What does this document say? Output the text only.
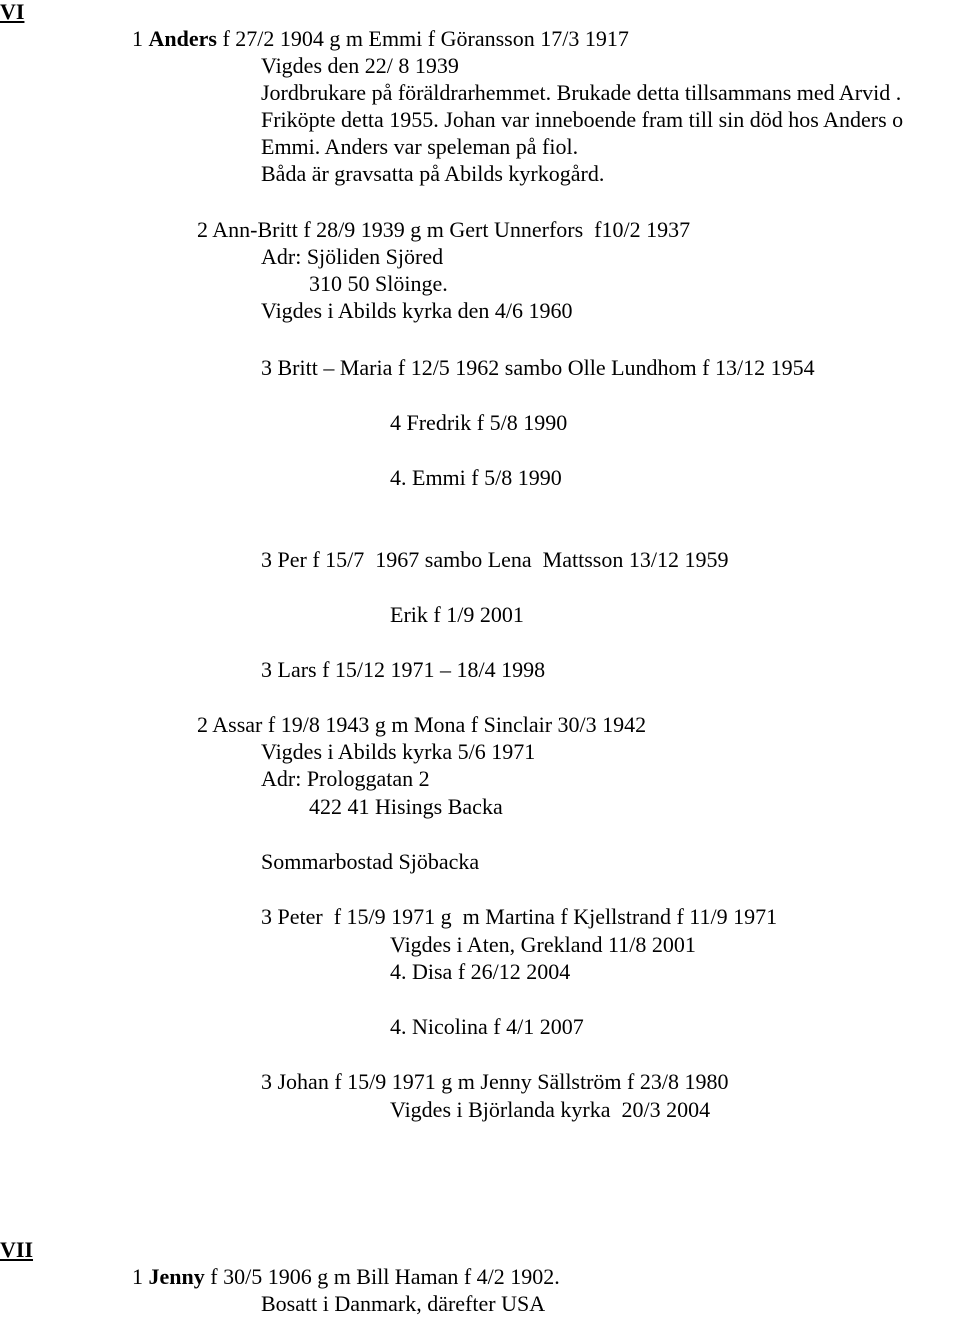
VI
1 Anders f 27/2 1904 g m Emmi f Göransson 17/3 1917
Vigdes den 22/ 8 1939
Jordbrukare på föräldrarhemmet. Brukade detta tillsammans med Arvid .
Friköpte detta 1955. Johan var inneboende fram till sin död hos Anders o
Emmi. Anders var speleman på fiol.
Båda är gravsatta på Abilds kyrkogård.
2 Ann-Britt f 28/9 1939 g m Gert Unnerfors  f10/2 1937
Adr: Sjöliden Sjöred
310 50 Slöinge.
Vigdes i Abilds kyrka den 4/6 1960
3 Britt – Maria f 12/5 1962 sambo Olle Lundhom f 13/12 1954
4 Fredrik f 5/8 1990
4. Emmi f 5/8 1990
3 Per f 15/7  1967 sambo Lena  Mattsson 13/12 1959
Erik f 1/9 2001
3 Lars f 15/12 1971 – 18/4 1998
2 Assar f 19/8 1943 g m Mona f Sinclair 30/3 1942
Vigdes i Abilds kyrka 5/6 1971
Adr: Prologgatan 2
422 41 Hisings Backa
Sommarbostad Sjöbacka
3 Peter  f 15/9 1971 g  m Martina f Kjellstrand f 11/9 1971
Vigdes i Aten, Grekland 11/8 2001
4. Disa f 26/12 2004
4. Nicolina f 4/1 2007
3 Johan f 15/9 1971 g m Jenny Sällström f 23/8 1980
Vigdes i Björlanda kyrka  20/3 2004
VII
1 Jenny f 30/5 1906 g m Bill Haman f 4/2 1902.
Bosatt i Danmark, därefter USA
